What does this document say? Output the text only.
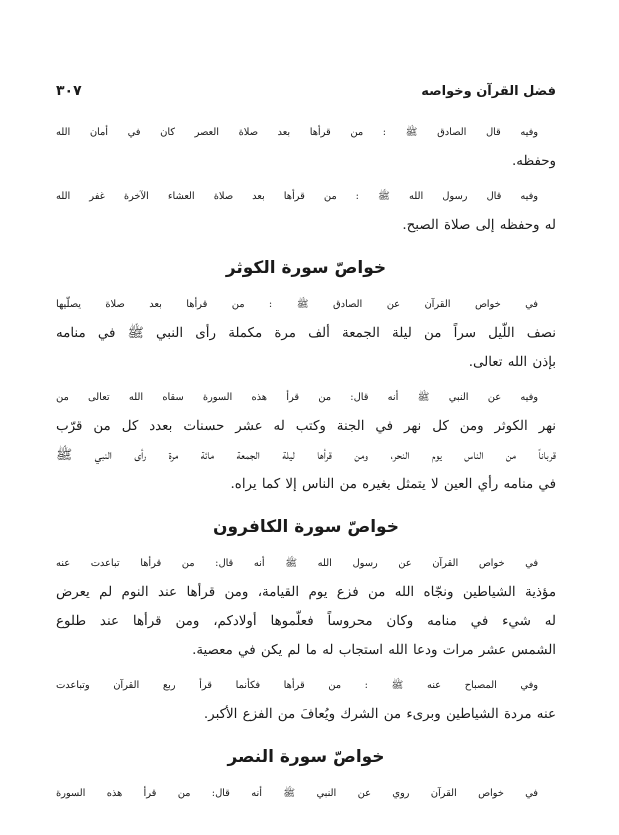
فضل القرآن وخواصه
٣٠٧

وفيه قال الصادق ﷺ : من قرأها بعد صلاة العصر كان في أمان الله
وحفظه.

وفيه قال رسول الله ﷺ : من قرأها بعد صلاة العشاء الآخرة غفر الله
له وحفظه إلى صلاة الصبح.

خواصّ سورة الكوثر

في خواص القرآن عن الصادق ﷺ : من قرأها بعد صلاة يصلّيها
نصف اللّيل سراً من ليلة الجمعة ألف مرة مكملة رأى النبي ﷺ في منامه
بإذن الله تعالى.

وفيه عن النبي ﷺ أنه قال: من قرأ هذه السورة سقاه الله تعالى من
نهر الكوثر ومن كل نهر في الجنة وكتب له عشر حسنات بعدد كل من قرّب
قرباناً من الناس يوم النحر، ومن قرأها ليلة الجمعة مائة مرة رأى النبي ﷺ
في منامه رأي العين لا يتمثل بغيره من الناس إلا كما يراه.

خواصّ سورة الكافرون

في خواص القرآن عن رسول الله ﷺ أنه قال: من قرأها تباعدت عنه
مؤذية الشياطين ونجّاه الله من فزع يوم القيامة، ومن قرأها عند النوم لم يعرض
له شيء في منامه وكان محروساً فعلّموها أولادكم، ومن قرأها عند طلوع
الشمس عشر مرات ودعا الله استجاب له ما لم يكن في معصية.

وفي المصباح عنه ﷺ : من قرأها فكأنما قرأ ربع القرآن وتباعدت
عنه مردة الشياطين وبرىء من الشرك ويُعافَ من الفزع الأكبر.

خواصّ سورة النصر

في خواص القرآن روي عن النبي ﷺ أنه قال: من قرأ هذه السورة
